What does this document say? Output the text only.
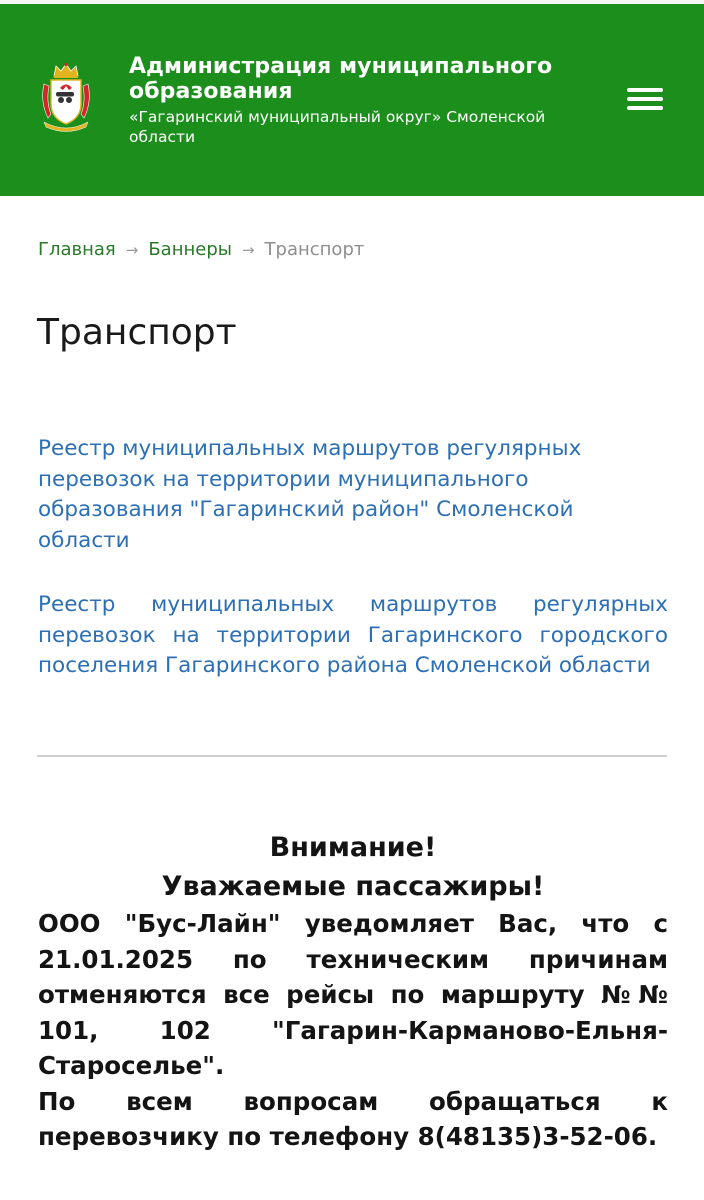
Администрация муниципального образования
«Гагаринский муниципальный округ» Смоленской области
Главная → Баннеры → Транспорт
Транспорт
Реестр муниципальных маршрутов регулярных перевозок на территории муниципального образования "Гагаринский район" Смоленской области
Реестр муниципальных маршрутов регулярных перевозок на территории Гагаринского городского поселения Гагаринского района Смоленской области
Внимание!
Уважаемые пассажиры!

ООО "Бус-Лайн" уведомляет Вас, что с 21.01.2025 по техническим причинам отменяются все рейсы по маршруту №№ 101, 102 "Гагарин-Карманово-Ельня-Староселье".

По всем вопросам обращаться к перевозчику по телефону 8(48135)3-52-06.
